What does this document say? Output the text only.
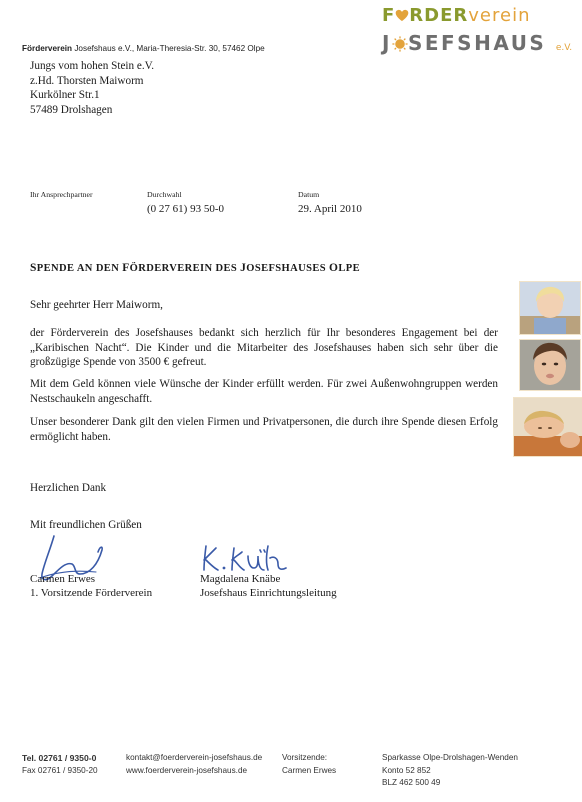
F RDERverein
J SEFSHAUS e.V.
Förderverein Josefshaus e.V., Maria-Theresia-Str. 30, 57462 Olpe
Jungs vom hohen Stein e.V.
z.Hd. Thorsten Maiworm
Kurkölner Str.1
57489 Drolshagen
Ihr Ansprechpartner	Durchwahl
(0 27 61) 93 50-0
Datum
29. April 2010
SPENDE AN DEN FÖRDERVEREIN DES JOSEFSHAUSES OLPE
Sehr geehrter Herr Maiworm,
der Förderverein des Josefshauses bedankt sich herzlich für Ihr besonderes Engagement bei der „Karibischen Nacht“. Die Kinder und die Mitarbeiter des Josefshauses haben sich sehr über die großzügige Spende von 3500 € gefreut.
Mit dem Geld können viele Wünsche der Kinder erfüllt werden. Für zwei Außenwohngruppen werden Nestschaukeln angeschafft.
Unser besonderer Dank gilt den vielen Firmen und Privatpersonen, die durch ihre Spende diesen Erfolg ermöglicht haben.
Herzlichen Dank
Mit freundlichen Grüßen
Carmen Erwes
1. Vorsitzende Förderverein
Magdalena Knäbe
Josefshaus Einrichtungsleitung
Tel. 02761 / 9350-0
Fax 02761 / 9350-20
kontakt@foerderverein-josefshaus.de
www.foerderverein-josefshaus.de
Vorsitzende:
Carmen Erwes
Sparkasse Olpe-Drolshagen-Wenden
Konto 52 852
BLZ 462 500 49
